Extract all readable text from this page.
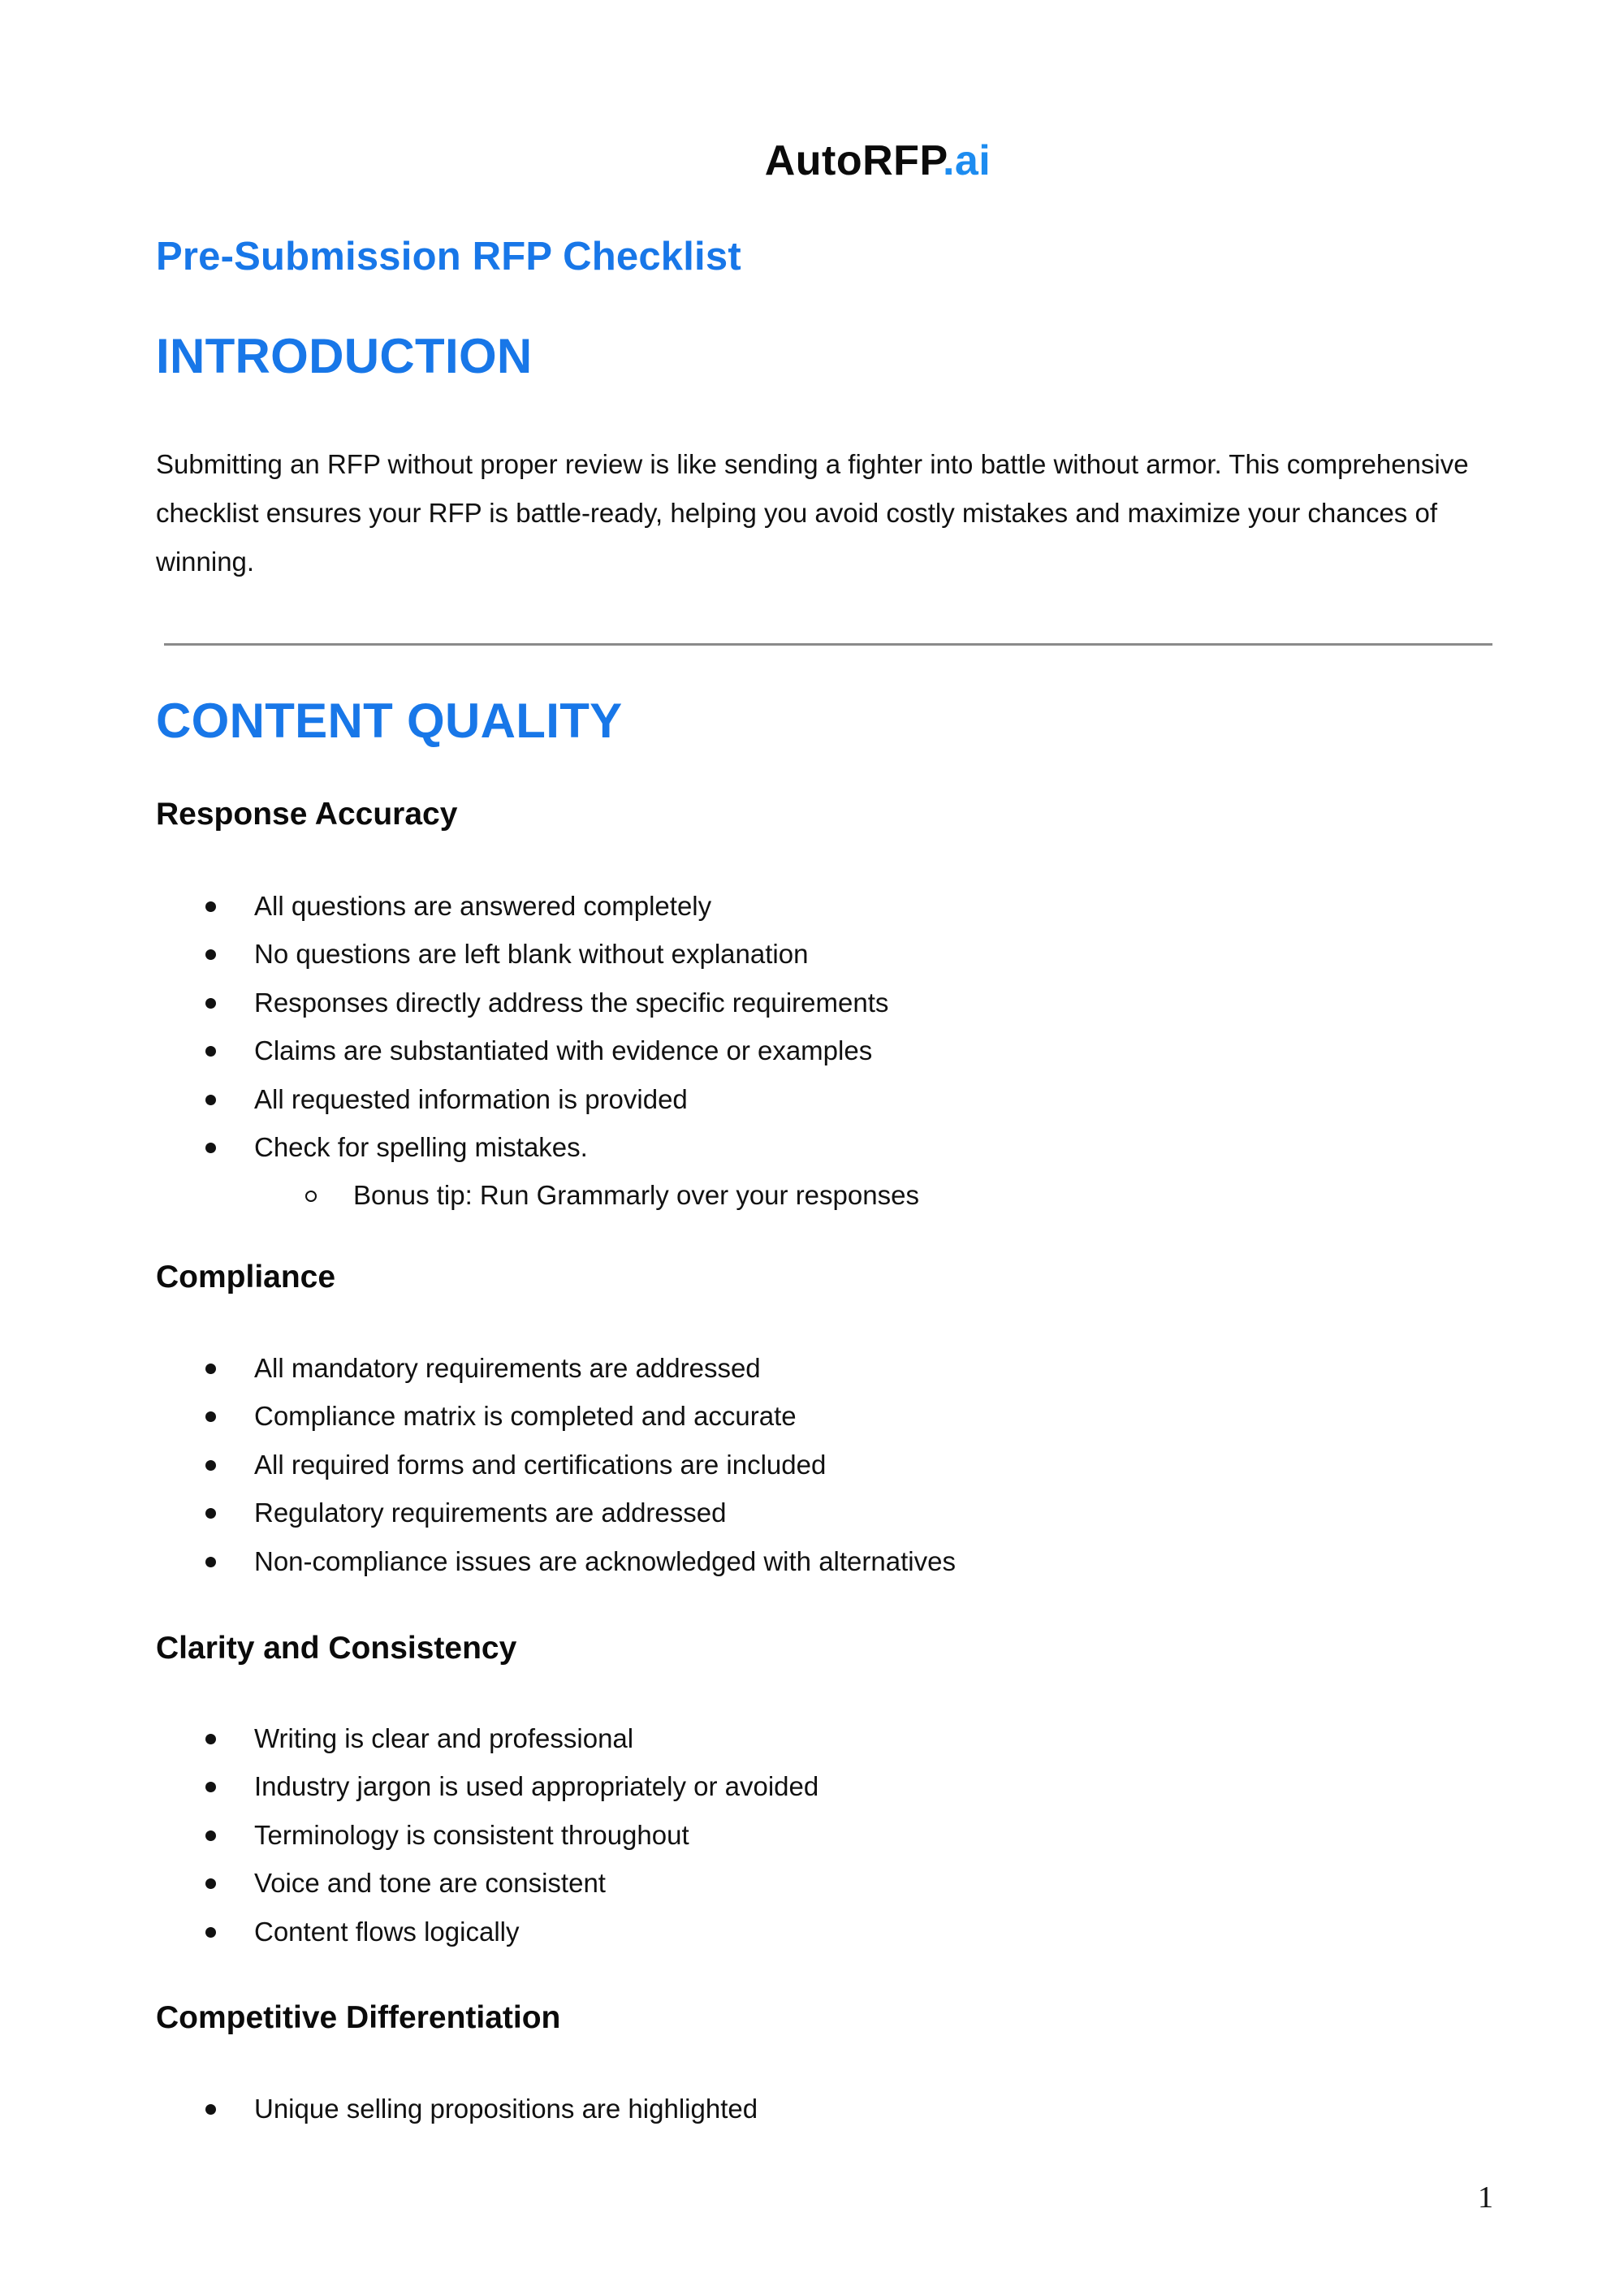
AutoRFP.ai
Pre-Submission RFP Checklist
INTRODUCTION

Submitting an RFP without proper review is like sending a fighter into battle without armor. This comprehensive checklist ensures your RFP is battle-ready, helping you avoid costly mistakes and maximize your chances of winning.

CONTENT QUALITY
Response Accuracy
All questions are answered completely
No questions are left blank without explanation
Responses directly address the specific requirements
Claims are substantiated with evidence or examples
All requested information is provided
Check for spelling mistakes.
Bonus tip: Run Grammarly over your responses
Compliance
All mandatory requirements are addressed
Compliance matrix is completed and accurate
All required forms and certifications are included
Regulatory requirements are addressed
Non-compliance issues are acknowledged with alternatives
Clarity and Consistency
Writing is clear and professional
Industry jargon is used appropriately or avoided
Terminology is consistent throughout
Voice and tone are consistent
Content flows logically
Competitive Differentiation
Unique selling propositions are highlighted
1
